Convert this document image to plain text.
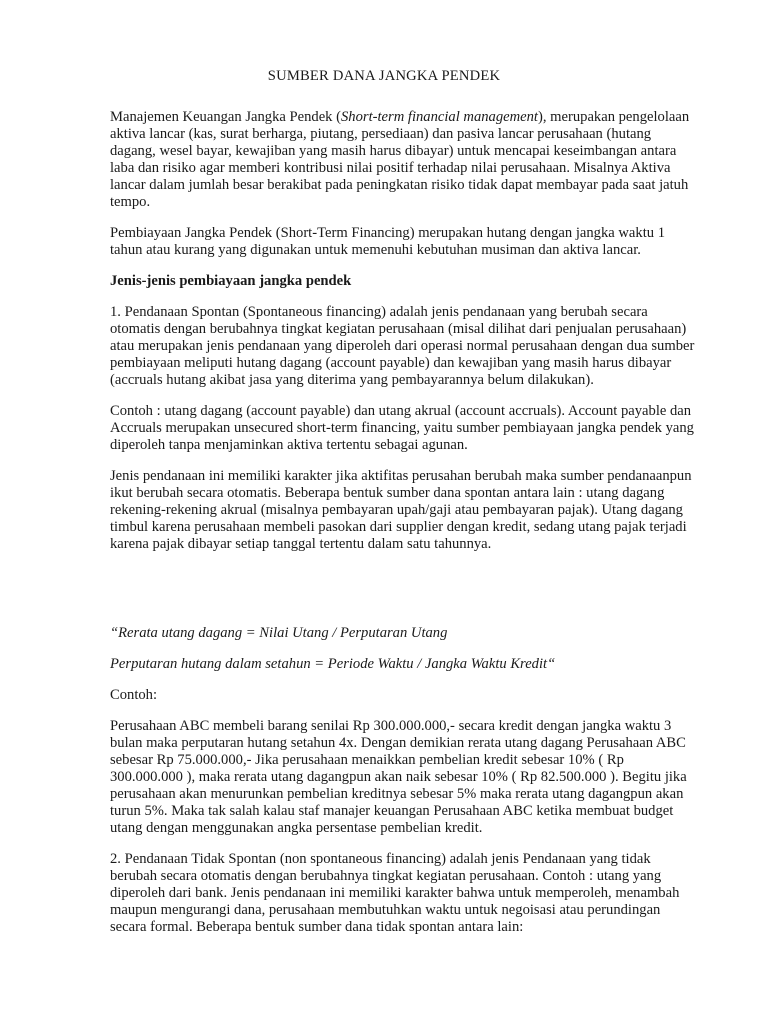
SUMBER DANA JANGKA PENDEK

Manajemen Keuangan Jangka Pendek (Short-term financial management), merupakan pengelolaan aktiva lancar (kas, surat berharga, piutang, persediaan) dan pasiva lancar perusahaan (hutang dagang, wesel bayar, kewajiban yang masih harus dibayar) untuk mencapai keseimbangan antara laba dan risiko agar memberi kontribusi nilai positif terhadap nilai perusahaan. Misalnya Aktiva lancar dalam jumlah besar berakibat pada peningkatan risiko tidak dapat membayar pada saat jatuh tempo.

Pembiayaan Jangka Pendek (Short-Term Financing) merupakan hutang dengan jangka waktu 1 tahun atau kurang yang digunakan untuk memenuhi kebutuhan musiman dan aktiva lancar.

Jenis-jenis pembiayaan jangka pendek

1. Pendanaan Spontan (Spontaneous financing) adalah jenis pendanaan yang berubah secara otomatis dengan berubahnya tingkat kegiatan perusahaan (misal dilihat dari penjualan perusahaan) atau merupakan jenis pendanaan yang diperoleh dari operasi normal perusahaan dengan dua sumber pembiayaan meliputi hutang dagang (account payable) dan kewajiban yang masih harus dibayar (accruals hutang akibat jasa yang diterima yang pembayarannya belum dilakukan).

Contoh : utang dagang (account payable) dan utang akrual (account accruals). Account payable dan Accruals merupakan unsecured short-term financing, yaitu sumber pembiayaan jangka pendek yang diperoleh tanpa menjaminkan aktiva tertentu sebagai agunan.

Jenis pendanaan ini memiliki karakter jika aktifitas perusahan berubah maka sumber pendanaanpun ikut berubah secara otomatis. Beberapa bentuk sumber dana spontan antara lain : utang dagang rekening-rekening akrual (misalnya pembayaran upah/gaji atau pembayaran pajak). Utang dagang timbul karena perusahaan membeli pasokan dari supplier dengan kredit, sedang utang pajak terjadi karena pajak dibayar setiap tanggal tertentu dalam satu tahunnya.

“Rerata utang dagang = Nilai Utang / Perputaran Utang

Perputaran hutang dalam setahun = Periode Waktu / Jangka Waktu Kredit“

Contoh:

Perusahaan ABC membeli barang senilai Rp 300.000.000,- secara kredit dengan jangka waktu 3 bulan maka perputaran hutang setahun 4x. Dengan demikian rerata utang dagang Perusahaan ABC sebesar Rp 75.000.000,- Jika perusahaan menaikkan pembelian kredit sebesar 10% ( Rp 300.000.000 ), maka rerata utang dagangpun akan naik sebesar 10% ( Rp 82.500.000 ). Begitu jika perusahaan akan menurunkan pembelian kreditnya sebesar 5% maka rerata utang dagangpun akan turun 5%. Maka tak salah kalau staf manajer keuangan Perusahaan ABC ketika membuat budget utang dengan menggunakan angka persentase pembelian kredit.

2. Pendanaan Tidak Spontan (non spontaneous financing) adalah jenis Pendanaan yang tidak berubah secara otomatis dengan berubahnya tingkat kegiatan perusahaan. Contoh : utang yang diperoleh dari bank. Jenis pendanaan ini memiliki karakter bahwa untuk memperoleh, menambah maupun mengurangi dana, perusahaan membutuhkan waktu untuk negoisasi atau perundingan secara formal. Beberapa bentuk sumber dana tidak spontan antara lain:
